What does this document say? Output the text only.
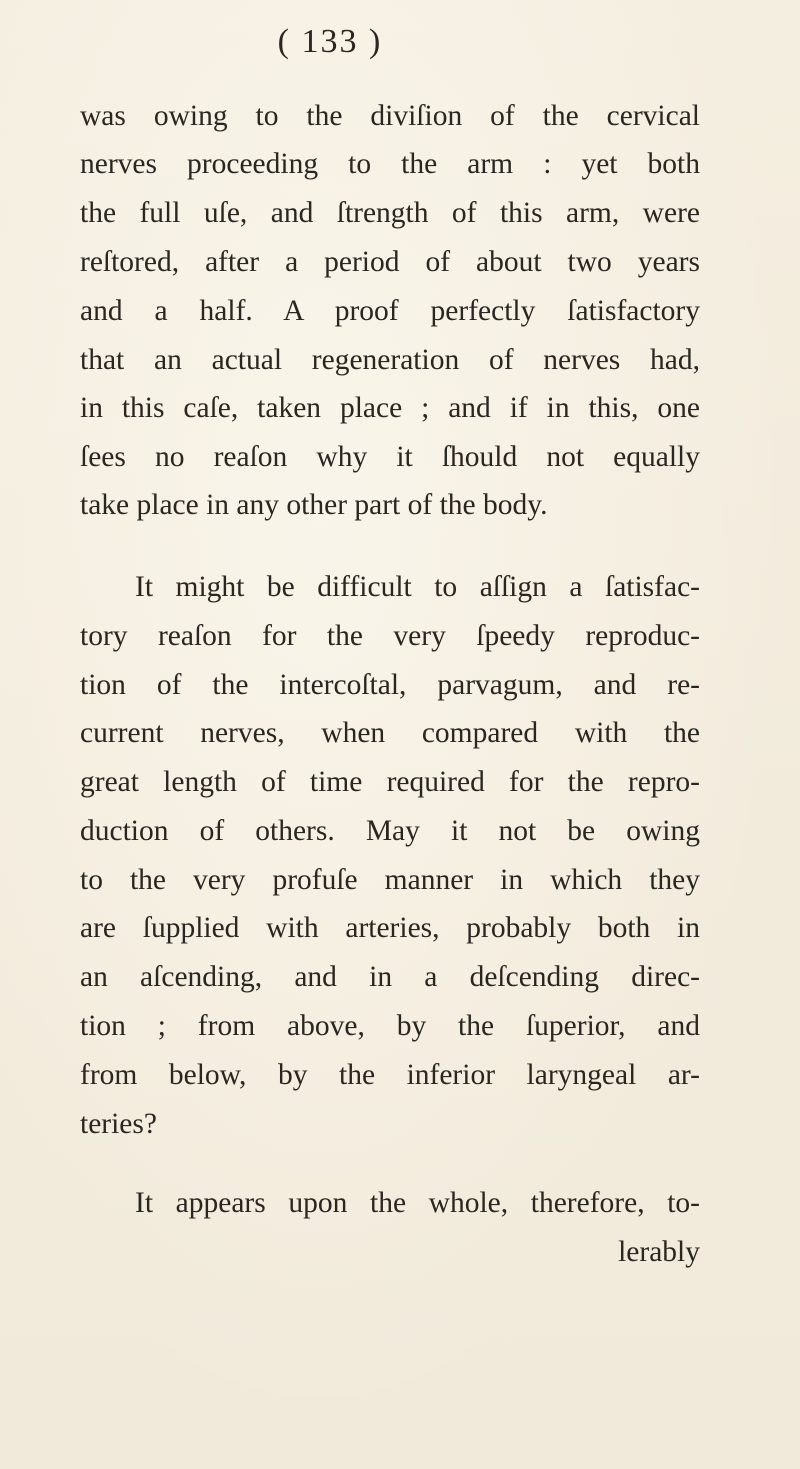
( 133 )
was owing to the diviſion of the cervical
nerves proceeding to the arm : yet both
the full uſe, and ſtrength of this arm, were
reſtored, after a period of about two years
and a half. A proof perfectly ſatisfactory
that an actual regeneration of nerves had,
in this caſe, taken place ; and if in this, one
ſees no reaſon why it ſhould not equally
take place in any other part of the body.
It might be difficult to aſſign a ſatisfac-
tory reaſon for the very ſpeedy reproduc-
tion of the intercoſtal, parvagum, and re-
current nerves, when compared with the
great length of time required for the repro-
duction of others. May it not be owing
to the very profuſe manner in which they
are ſupplied with arteries, probably both in
an aſcending, and in a deſcending direc-
tion ; from above, by the ſuperior, and
from below, by the inferior laryngeal ar-
teries?
It appears upon the whole, therefore, to-
lerably
